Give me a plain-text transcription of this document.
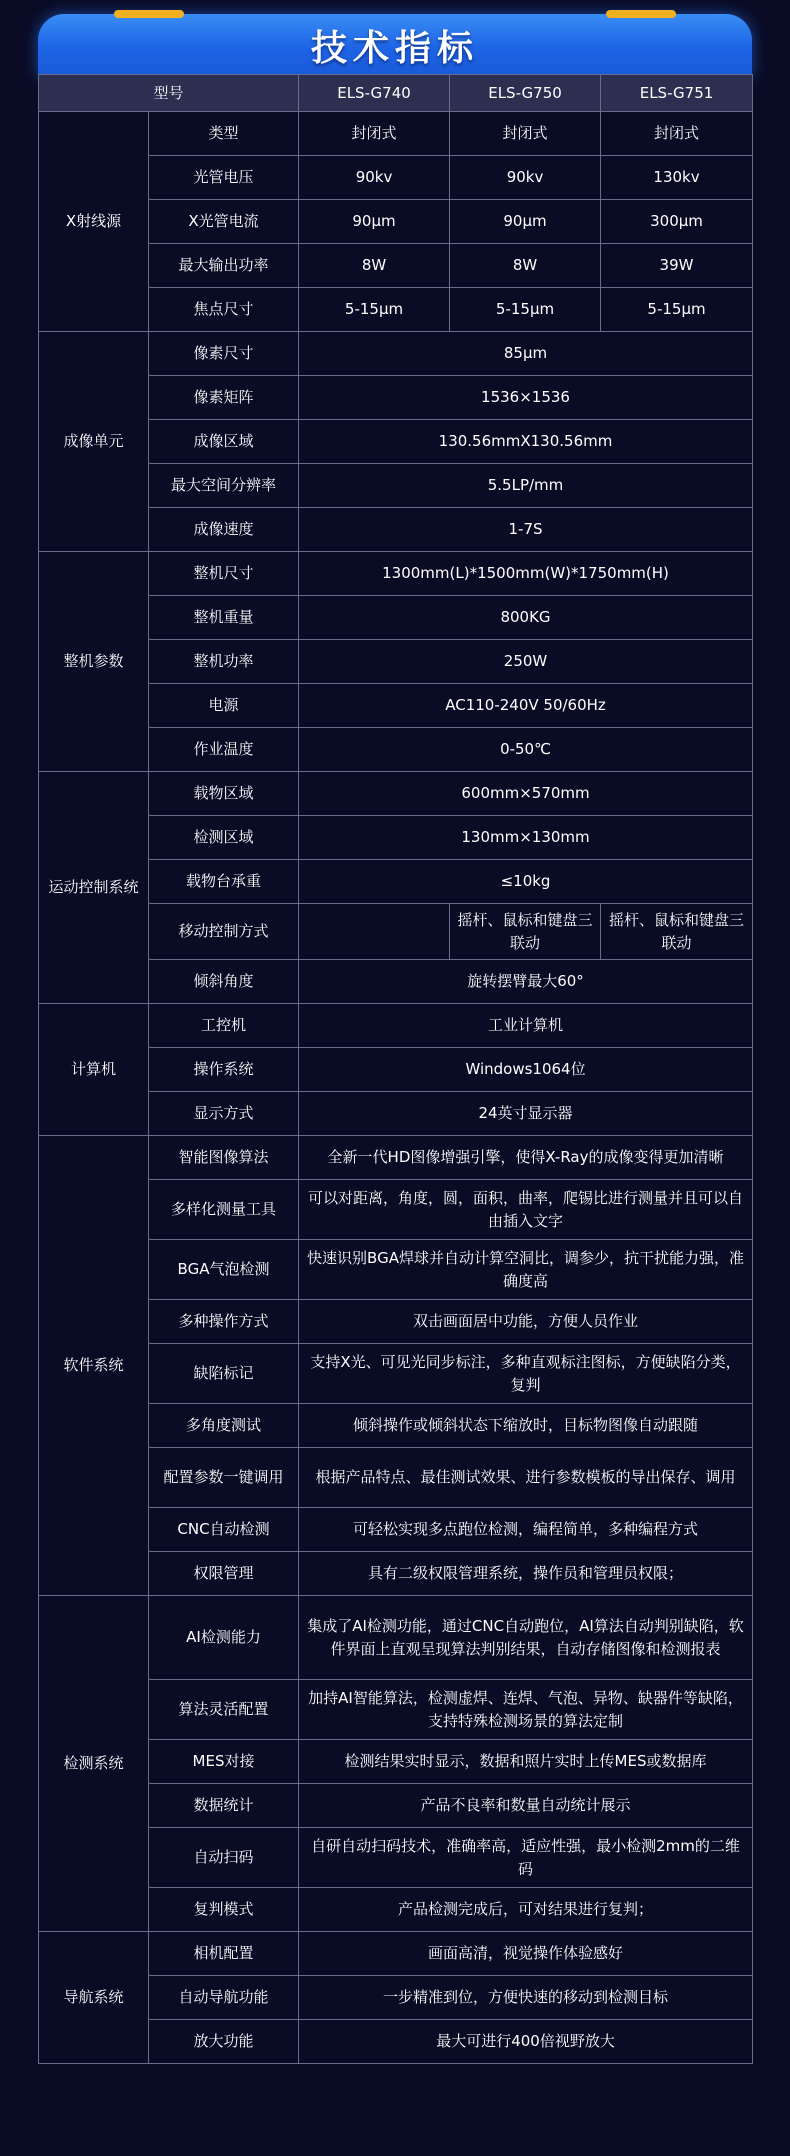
技术指标
型号		ELS-G740	ELS-G750	ELS-G751
X射线源	类型	封闭式	封闭式	封闭式
	光管电压	90kv	90kv	130kv
	X光管电流	90μm	90μm	300μm
	最大输出功率	8W	8W	39W
	焦点尺寸	5-15μm	5-15μm	5-15μm
成像单元	像素尺寸	85μm		
	像素矩阵	1536×1536		
	成像区域	130.56mmX130.56mm		
	最大空间分辨率	5.5LP/mm		
	成像速度	1-7S		
整机参数	整机尺寸	1300mm(L)*1500mm(W)*1750mm(H)		
	整机重量	800KG		
	整机功率	250W		
	电源	AC110-240V 50/60Hz		
	作业温度	0-50℃		
运动控制系统	载物区域	600mm×570mm		
	检测区域	130mm×130mm		
	载物台承重	≤10kg		
	移动控制方式		摇杆、鼠标和键盘三联动	摇杆、鼠标和键盘三联动
	倾斜角度	旋转摆臂最大60°		
计算机	工控机	工业计算机		
	操作系统	Windows1064位		
	显示方式	24英寸显示器		
软件系统	智能图像算法	全新一代HD图像增强引擎，使得X-Ray的成像变得更加清晰		
	多样化测量工具	可以对距离，角度，圆，面积，曲率，爬锡比进行测量并且可以自由插入文字		
	BGA气泡检测	快速识别BGA焊球并自动计算空洞比，调参少，抗干扰能力强，准确度高		
	多种操作方式	双击画面居中功能，方便人员作业		
	缺陷标记	支持X光、可见光同步标注，多种直观标注图标，方便缺陷分类，复判		
	多角度测试	倾斜操作或倾斜状态下缩放时，目标物图像自动跟随		
	配置参数一键调用	根据产品特点、最佳测试效果、进行参数模板的导出保存、调用		
	CNC自动检测	可轻松实现多点跑位检测，编程简单，多种编程方式		
	权限管理	具有二级权限管理系统，操作员和管理员权限；		
检测系统	AI检测能力	集成了AI检测功能，通过CNC自动跑位，AI算法自动判别缺陷，软件界面上直观呈现算法判别结果，自动存储图像和检测报表		
	算法灵活配置	加持AI智能算法，检测虚焊、连焊、气泡、异物、缺器件等缺陷，支持特殊检测场景的算法定制		
	MES对接	检测结果实时显示，数据和照片实时上传MES或数据库		
	数据统计	产品不良率和数量自动统计展示		
	自动扫码	自研自动扫码技术，准确率高，适应性强，最小检测2mm的二维码		
	复判模式	产品检测完成后，可对结果进行复判；		
导航系统	相机配置	画面高清，视觉操作体验感好		
	自动导航功能	一步精准到位，方便快速的移动到检测目标		
	放大功能	最大可进行400倍视野放大		
